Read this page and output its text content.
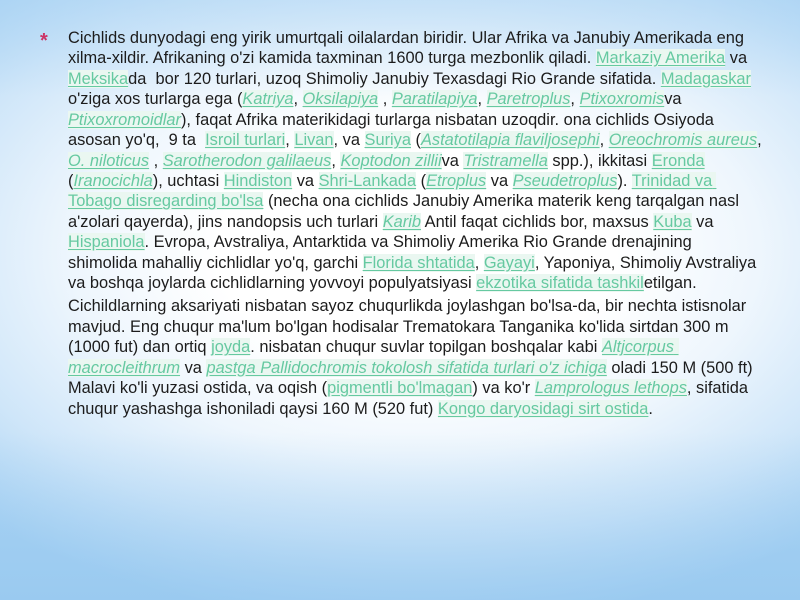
* Cichlids dunyodagi eng yirik umurtqali oilalardan biridir. Ular Afrika va Janubiy Amerikada eng xilma-xildir. Afrikaning o'zi kamida taxminan 1600 turga mezbonlik qiladi. Markaziy Amerika va Meksikada  bor 120 turlari, uzoq Shimoliy Janubiy Texasdagi Rio Grande sifatida. Madagaskar o'ziga xos turlarga ega (Katriya, Oksilapiya , Paratilapiya, Paretroplus, Ptixoxromisva Ptixoxromoidlar), faqat Afrika materikidagi turlarga nisbatan uzoqdir. ona cichlids Osiyoda asosan yo'q,  9 ta  Isroil turlari, Livan, va Suriya (Astatotilapia flaviljosephi, Oreochromis aureus, O. niloticus , Sarotherodon galilaeus, Koptodon zilliiva Tristramella spp.), ikkitasi Eronda (Iranocichla), uchtasi Hindiston va Shri-Lankada (Etroplus va Pseudetroplus). Trinidad va Tobago disregarding bo'lsa (necha ona cichlids Janubiy Amerika materik keng tarqalgan nasl a'zolari qayerda), jins nandopsis uch turlari Karib Antil faqat cichlids bor, maxsus Kuba va Hispaniola. Evropa, Avstraliya, Antarktida va Shimoliy Amerika Rio Grande drenajining shimolida mahalliy cichlidlar yo'q, garchi Florida shtatida, Gayayi, Yaponiya, Shimoliy Avstraliya va boshqa joylarda cichlidlarning yovvoyi populyatsiyasi ekzotika sifatida tashkiletilgan.
Cichildlarning aksariyati nisbatan sayoz chuqurlikda joylashgan bo'lsa-da, bir nechta istisnolar mavjud. Eng chuqur ma'lum bo'lgan hodisalar Trematokara Tanganika ko'lida sirtdan 300 m (1000 fut) dan ortiq joyda. nisbatan chuqur suvlar topilgan boshqalar kabi Altjcorpus macrocleithrum va pastga Pallidochromis tokolosh sifatida turlari o'z ichiga oladi 150 M (500 ft) Malavi ko'li yuzasi ostida, va oqish (pigmentli bo'lmagan) va ko'r Lamprologus lethops, sifatida chuqur yashashga ishoniladi qaysi 160 M (520 fut) Kongo daryosidagi sirt ostida.
